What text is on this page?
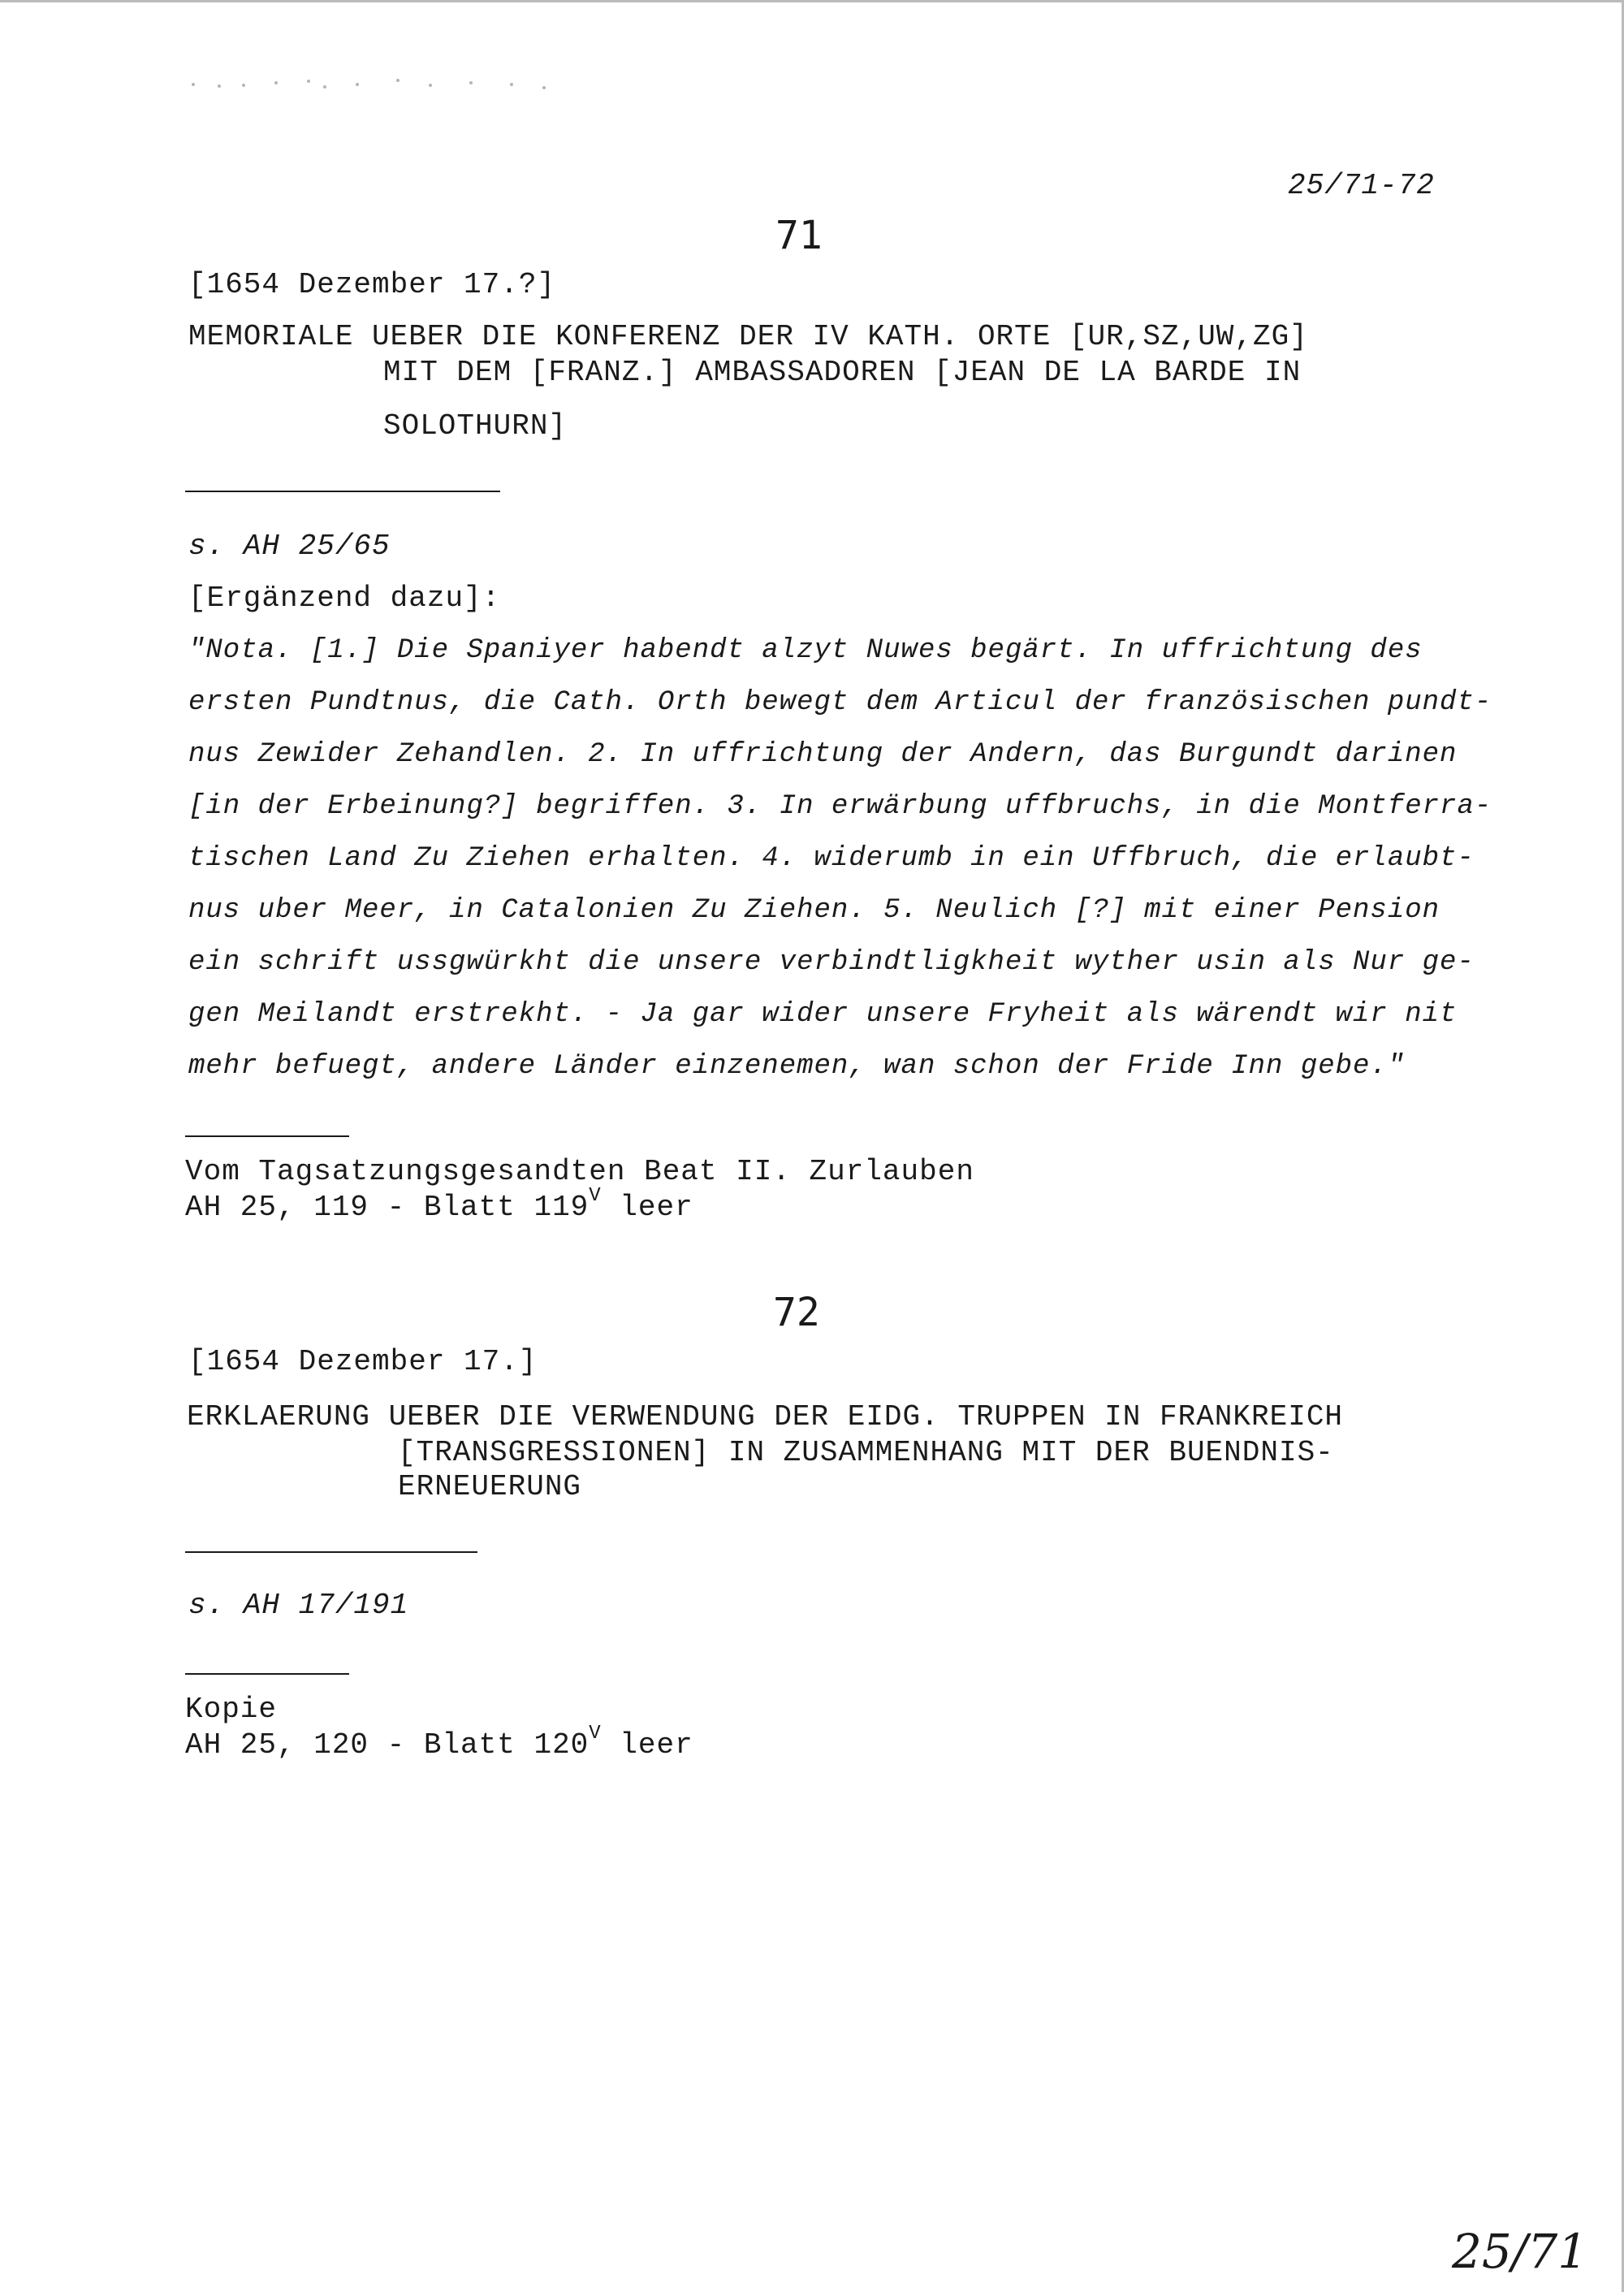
25/71-72
71
[1654 Dezember 17.?]
MEMORIALE UEBER DIE KONFERENZ DER IV KATH. ORTE [UR,SZ,UW,ZG]
MIT DEM [FRANZ.] AMBASSADOREN [JEAN DE LA BARDE IN
SOLOTHURN]
s. AH 25/65
[Ergänzend dazu]:
"Nota. [1.] Die Spaniyer habendt alzyt Nuwes begärt. In uffrichtung des
ersten Pundtnus, die Cath. Orth bewegt dem Articul der französischen pundt-
nus Zewider Zehandlen. 2. In uffrichtung der Andern, das Burgundt darinen
[in der Erbeinung?] begriffen. 3. In erwärbung uffbruchs, in die Montferra-
tischen Land Zu Ziehen erhalten. 4. widerumb in ein Uffbruch, die erlaubt-
nus uber Meer, in Catalonien Zu Ziehen. 5. Neulich [?] mit einer Pension
ein schrift ussgwürkht die unsere verbindtligkheit wyther usin als Nur ge-
gen Meilandt erstrekht. - Ja gar wider unsere Fryheit als wärendt wir nit
mehr befuegt, andere Länder einzenemen, wan schon der Fride Inn gebe."
Vom Tagsatzungsgesandten Beat II. Zurlauben
AH 25, 119 - Blatt $119^V$ leer
72
[1654 Dezember 17.]
ERKLAERUNG UEBER DIE VERWENDUNG DER EIDG. TRUPPEN IN FRANKREICH
[TRANSGRESSIONEN] IN ZUSAMMENHANG MIT DER BUENDNIS-
ERNEUERUNG
s. AH 17/191
Kopie
AH 25, 120 - Blatt $120^V$ leer
25/71
